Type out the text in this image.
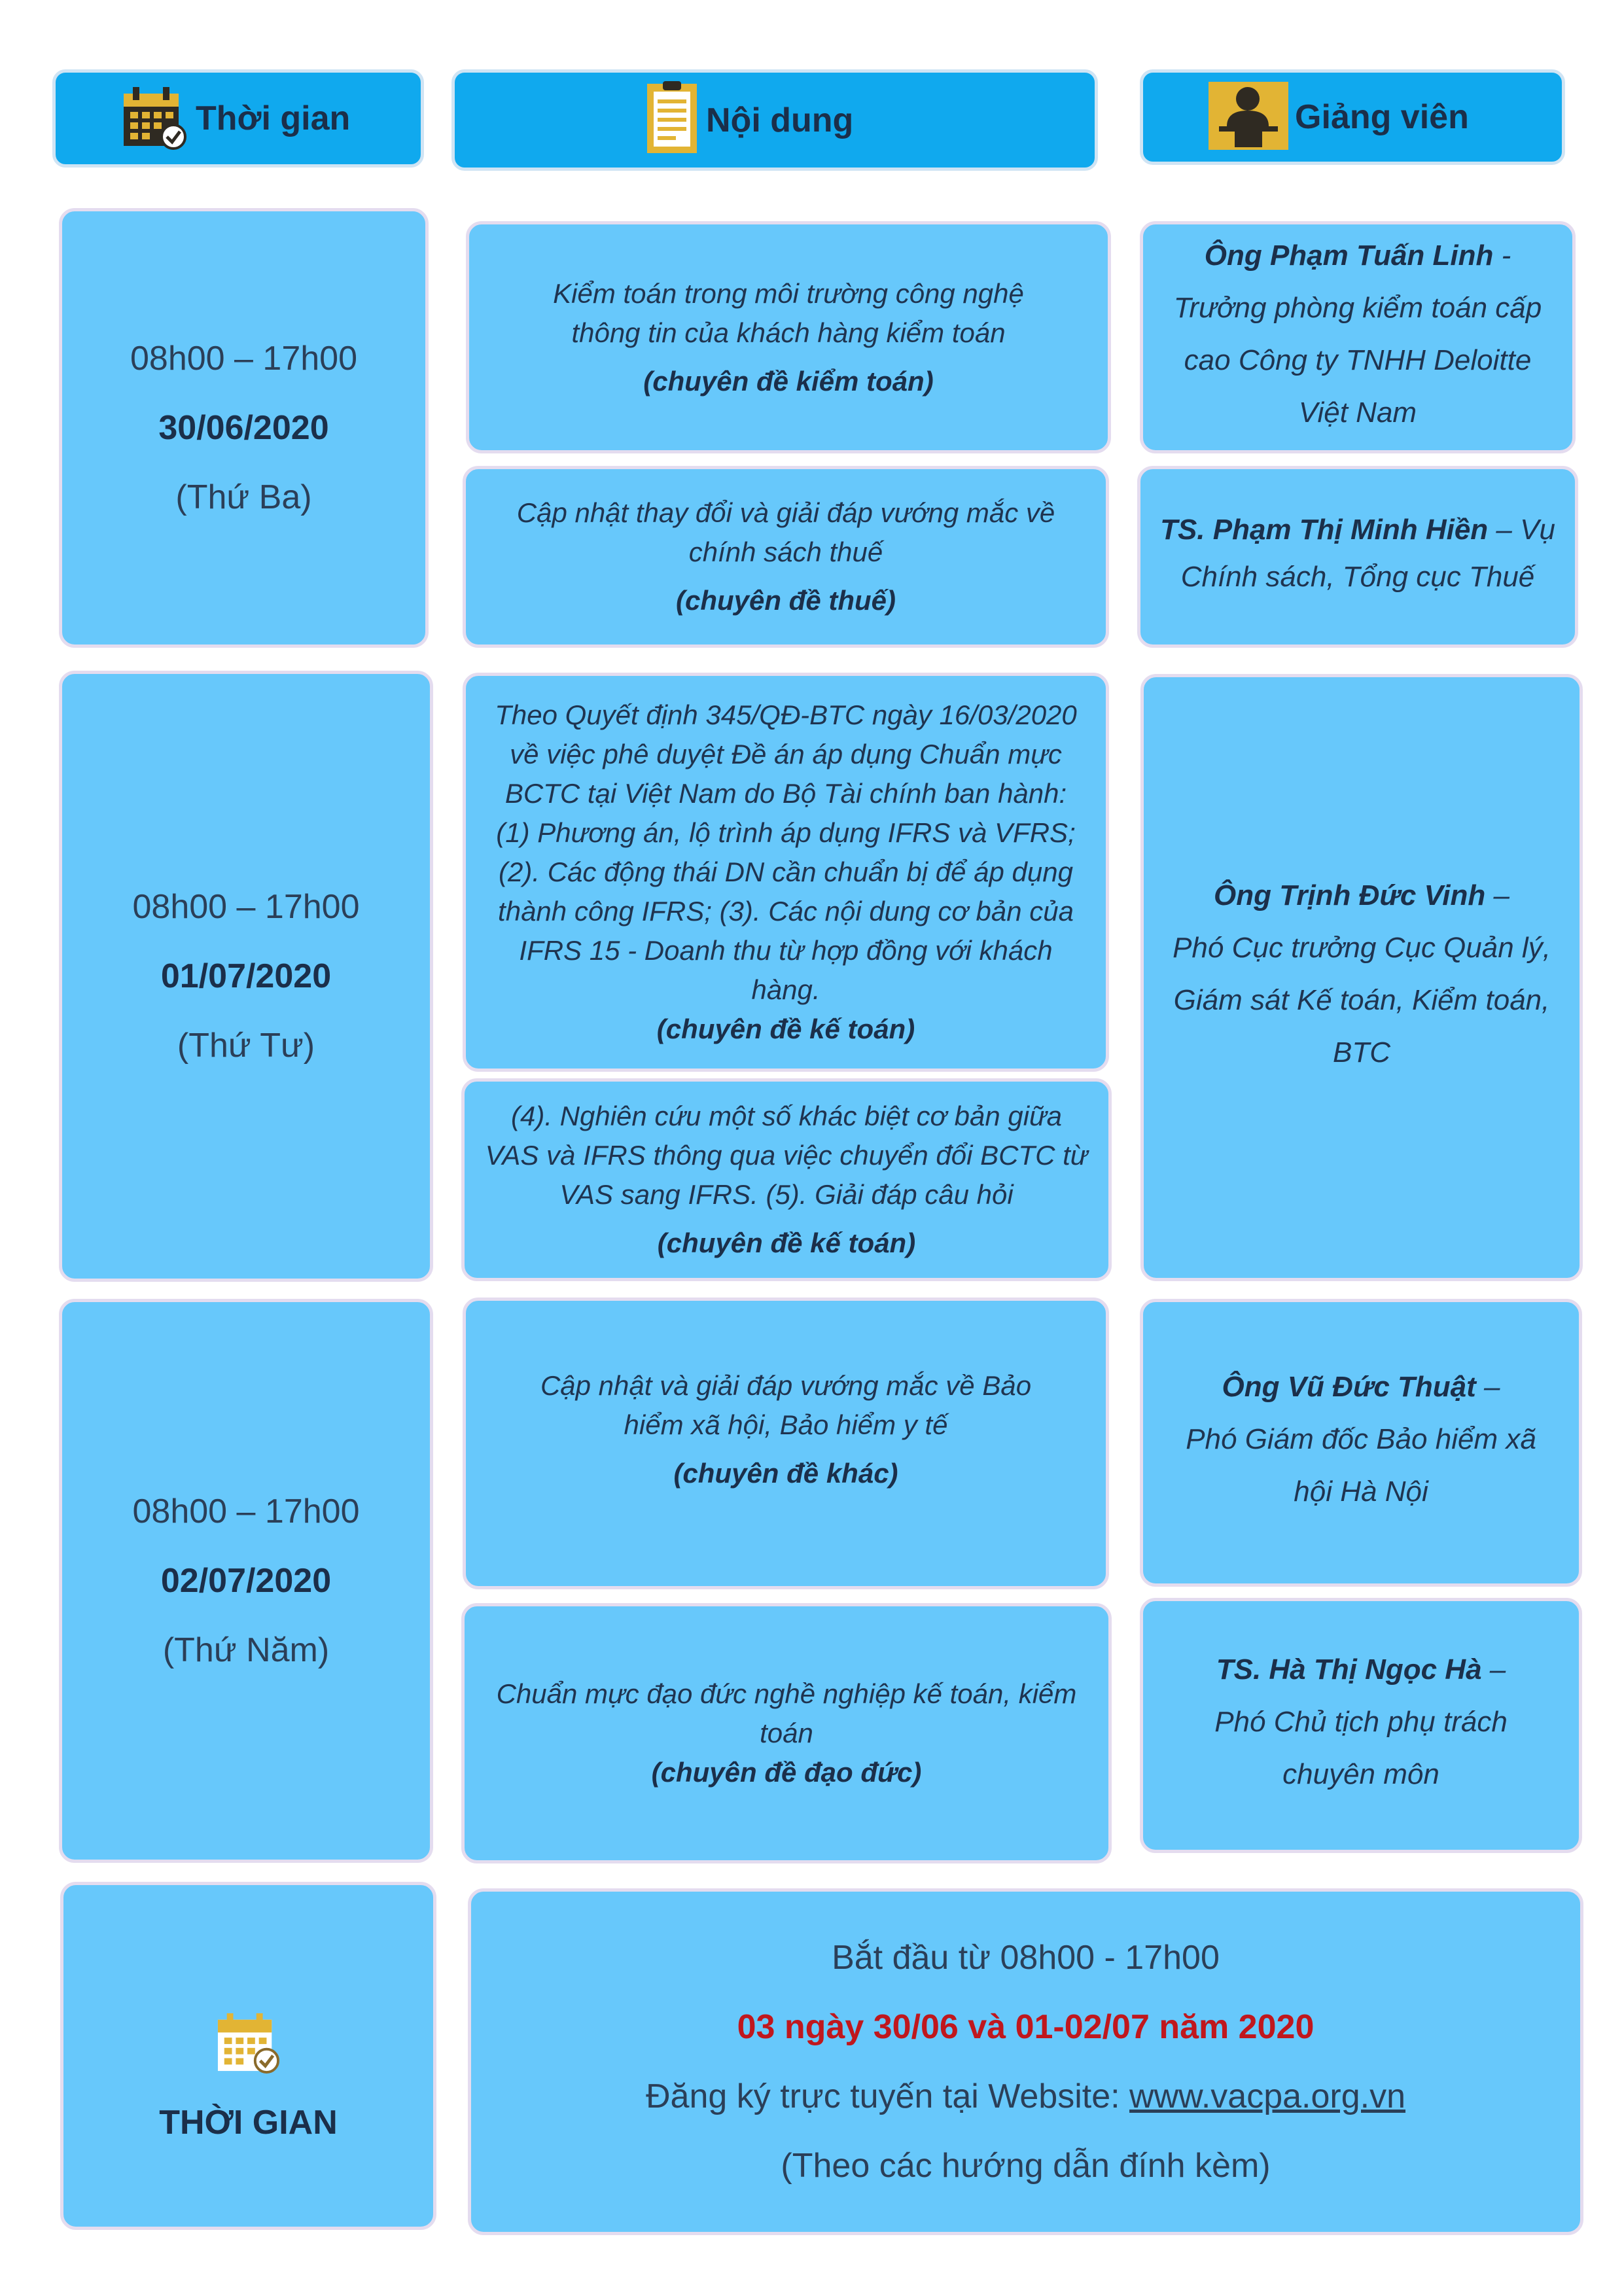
Thời gian	Nội dung	Giảng viên
08h00 – 17h00
30/06/2020
(Thứ Ba)
Kiểm toán trong môi trường công nghệ thông tin của khách hàng kiểm toán
(chuyên đề kiểm toán)
Cập nhật thay đổi và giải đáp vướng mắc về chính sách thuế
(chuyên đề thuế)
Ông Phạm Tuấn Linh - Trưởng phòng kiểm toán cấp cao Công ty TNHH Deloitte Việt Nam
TS. Phạm Thị Minh Hiền – Vụ Chính sách, Tổng cục Thuế
08h00 – 17h00
01/07/2020
(Thứ Tư)
Theo Quyết định 345/QĐ-BTC ngày 16/03/2020 về việc phê duyệt Đề án áp dụng Chuẩn mực BCTC tại Việt Nam do Bộ Tài chính ban hành: (1) Phương án, lộ trình áp dụng IFRS và VFRS; (2). Các động thái DN cần chuẩn bị để áp dụng thành công IFRS; (3). Các nội dung cơ bản của IFRS 15 - Doanh thu từ hợp đồng với khách hàng.
(chuyên đề kế toán)
(4). Nghiên cứu một số khác biệt cơ bản giữa VAS và IFRS thông qua việc chuyển đổi BCTC từ VAS sang IFRS. (5). Giải đáp câu hỏi
(chuyên đề kế toán)
Ông Trịnh Đức Vinh –
Phó Cục trưởng Cục Quản lý, Giám sát Kế toán, Kiểm toán, BTC
08h00 – 17h00
02/07/2020
(Thứ Năm)
Cập nhật và giải đáp vướng mắc về Bảo hiểm xã hội, Bảo hiểm y tế
(chuyên đề khác)
Chuẩn mực đạo đức nghề nghiệp kế toán, kiểm toán
(chuyên đề đạo đức)
Ông Vũ Đức Thuật –
Phó Giám đốc Bảo hiểm xã hội Hà Nội
TS. Hà Thị Ngọc Hà –
Phó Chủ tịch phụ trách chuyên môn
THỜI GIAN
Bắt đầu từ 08h00 - 17h00
03 ngày 30/06 và 01-02/07 năm 2020
Đăng ký trực tuyến tại Website: www.vacpa.org.vn
(Theo các hướng dẫn đính kèm)
